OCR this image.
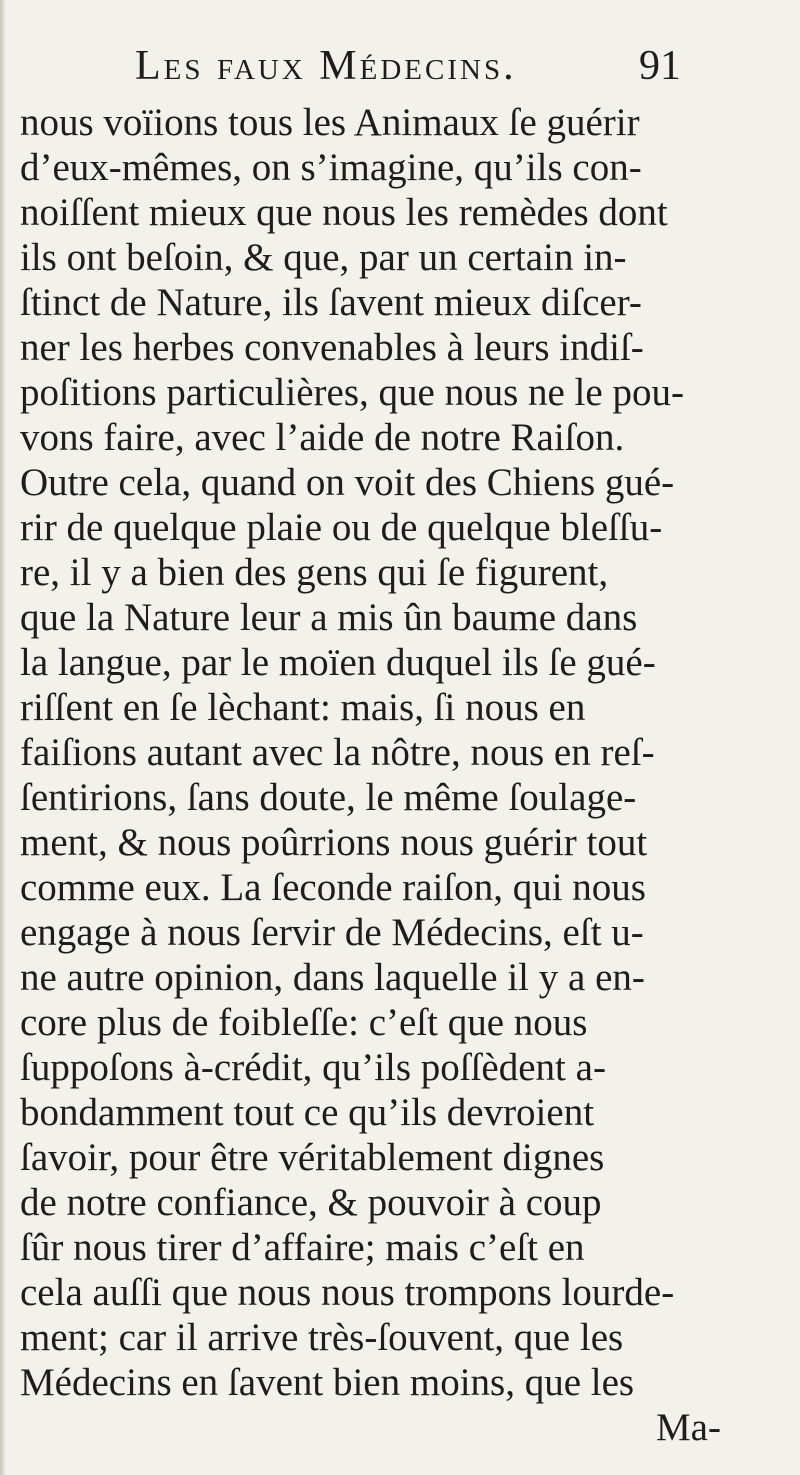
Les faux Médecins.	91
nous voïions tous les Animaux ſe guérir
d’eux-mêmes, on s’imagine, qu’ils con-
noiſſent mieux que nous les remèdes dont
ils ont beſoin, & que, par un certain in-
ſtinct de Nature, ils ſavent mieux diſcer-
ner les herbes convenables à leurs indiſ-
poſitions particulières, que nous ne le pou-
vons faire, avec l’aide de notre Raiſon.
Outre cela, quand on voit des Chiens gué-
rir de quelque plaie ou de quelque bleſſu-
re, il y a bien des gens qui ſe figurent,
que la Nature leur a mis ûn baume dans
la langue, par le moïen duquel ils ſe gué-
riſſent en ſe lèchant: mais, ſi nous en
faiſions autant avec la nôtre, nous en reſ-
ſentirions, ſans doute, le même ſoulage-
ment, & nous poûrrions nous guérir tout
comme eux. La ſeconde raiſon, qui nous
engage à nous ſervir de Médecins, eſt u-
ne autre opinion, dans laquelle il y a en-
core plus de foibleſſe: c’eſt que nous
ſuppoſons à-crédit, qu’ils poſſèdent a-
bondamment tout ce qu’ils devroient
ſavoir, pour être véritablement dignes
de notre confiance, & pouvoir à coup
ſûr nous tirer d’affaire; mais c’eſt en
cela auſſi que nous nous trompons lourde-
ment; car il arrive très-ſouvent, que les
Médecins en ſavent bien moins, que les
Ma-
